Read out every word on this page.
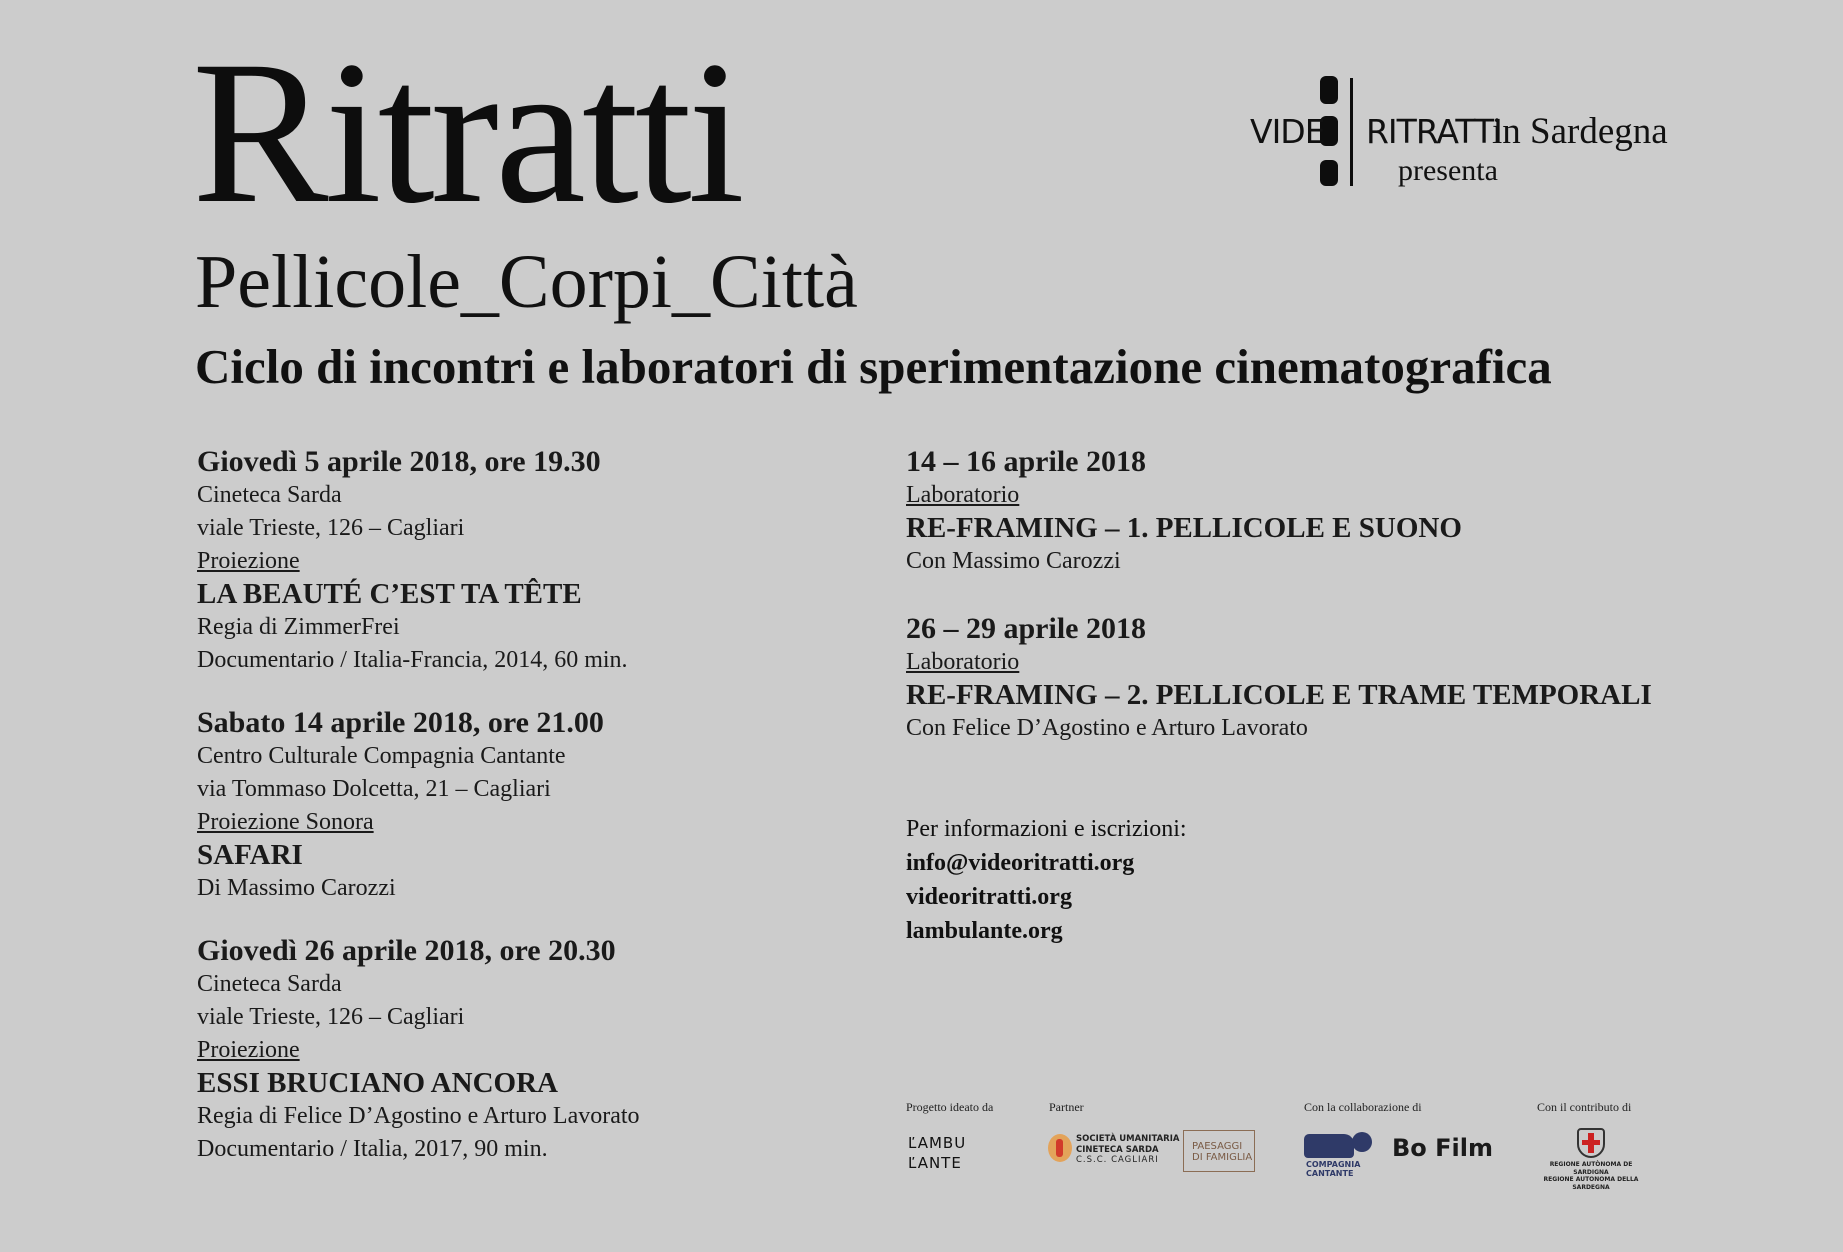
Ritratti
Pellicole_Corpi_Città
Ciclo di incontri e laboratori di sperimentazione cinematografica
VIDE RITRATTI
in Sardegna
presenta
Giovedì 5 aprile 2018, ore 19.30
Cineteca Sarda
viale Trieste, 126 – Cagliari
Proiezione
LA BEAUTÉ C’EST TA TÊTE
Regia di ZimmerFrei
Documentario / Italia-Francia, 2014, 60 min.
Sabato 14 aprile 2018, ore 21.00
Centro Culturale Compagnia Cantante
via Tommaso Dolcetta, 21 – Cagliari
Proiezione Sonora
SAFARI
Di Massimo Carozzi
Giovedì 26 aprile 2018, ore 20.30
Cineteca Sarda
viale Trieste, 126 – Cagliari
Proiezione
ESSI BRUCIANO ANCORA
Regia di Felice D’Agostino e Arturo Lavorato
Documentario / Italia, 2017, 90 min.
14 – 16 aprile 2018
Laboratorio
RE-FRAMING – 1. PELLICOLE E SUONO
Con Massimo Carozzi
26 – 29 aprile 2018
Laboratorio
RE-FRAMING – 2. PELLICOLE E TRAME TEMPORALI
Con Felice D’Agostino e Arturo Lavorato
Per informazioni e iscrizioni:
info@videoritratti.org
videoritratti.org
lambulante.org
Progetto ideato da	Partner	Con la collaborazione di	Con il contributo di
ĽAMBU
ĽANTE
SOCIETÀ UMANITARIA
CINETECA SARDA
C.S.C. CAGLIARI
PAESAGGI
DI FAMIGLIA
COMPAGNIA
CANTANTE
Bo Film
REGIONE AUTÒNOMA DE SARDIGNA
REGIONE AUTONOMA DELLA SARDEGNA
